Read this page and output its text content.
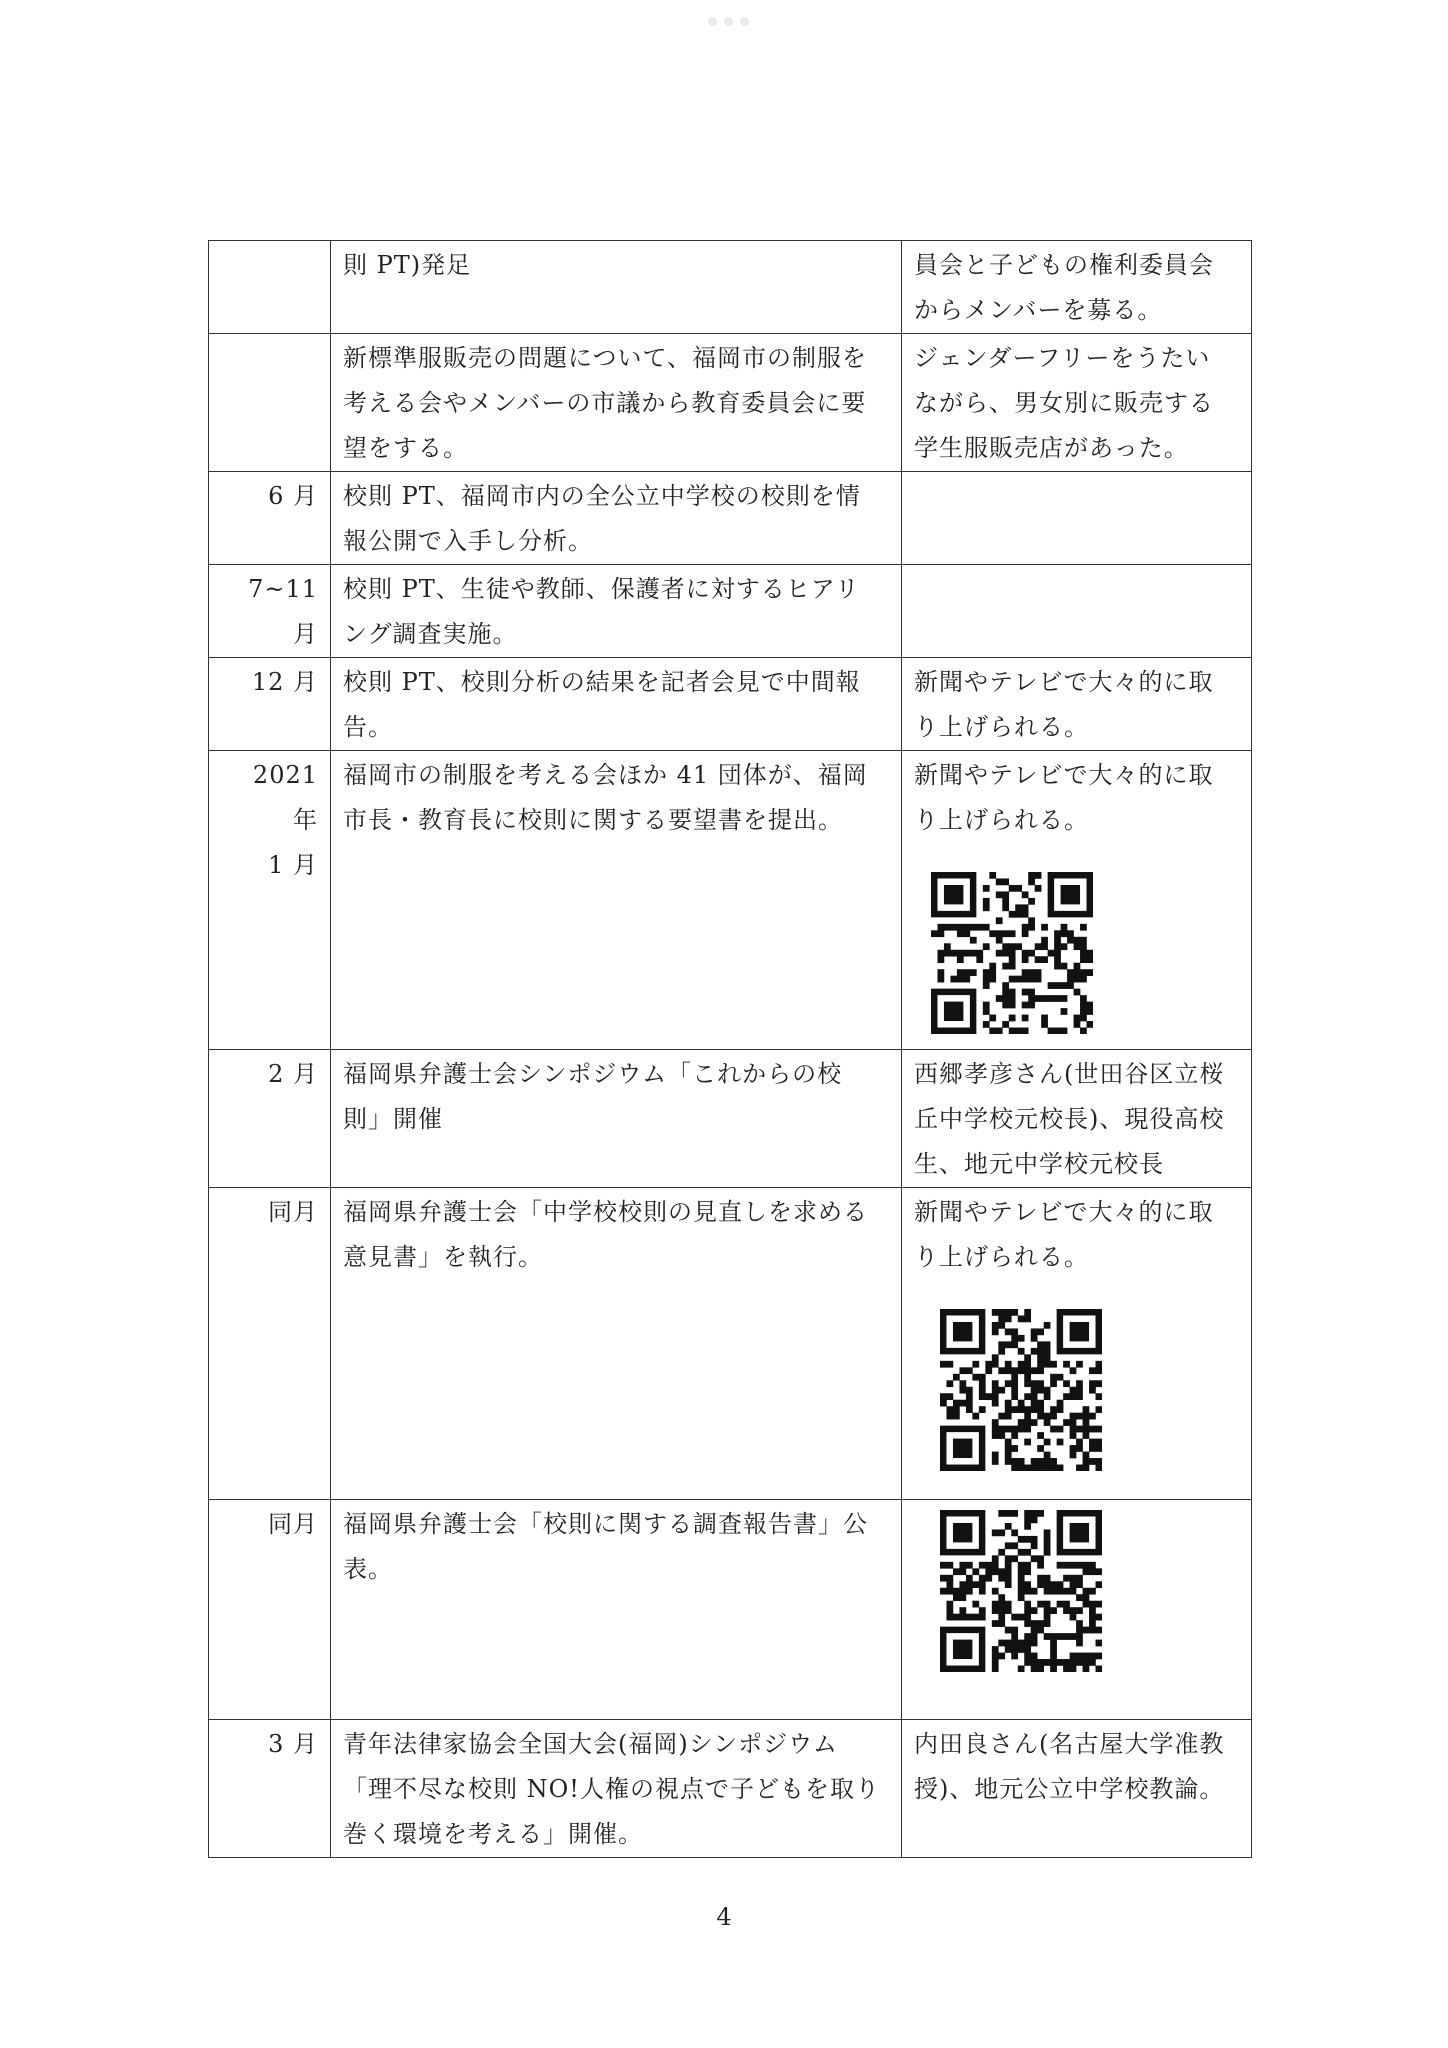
	則 PT)発足	員会と子どもの権利委員会
からメンバーを募る。

	新標準服販売の問題について、福岡市の制服を
考える会やメンバーの市議から教育委員会に要
望をする。	ジェンダーフリーをうたい
ながら、男女別に販売する
学生服販売店があった。

6 月	校則 PT、福岡市内の全公立中学校の校則を情
報公開で入手し分析。	

7~11 月	校則 PT、生徒や教師、保護者に対するヒアリ
ング調査実施。	

12 月	校則 PT、校則分析の結果を記者会見で中間報
告。	新聞やテレビで大々的に取
り上げられる。

2021 年
1 月	福岡市の制服を考える会ほか 41 団体が、福岡
市長・教育長に校則に関する要望書を提出。	新聞やテレビで大々的に取
り上げられる。

2 月	福岡県弁護士会シンポジウム「これからの校
則」開催	西郷孝彦さん(世田谷区立桜
丘中学校元校長)、現役高校
生、地元中学校元校長

同月	福岡県弁護士会「中学校校則の見直しを求める
意見書」を執行。	新聞やテレビで大々的に取
り上げられる。

同月	福岡県弁護士会「校則に関する調査報告書」公
表。

3 月	青年法律家協会全国大会(福岡)シンポジウム
「理不尽な校則 NO!人権の視点で子どもを取り
巻く環境を考える」開催。	内田良さん(名古屋大学准教
授)、地元公立中学校教論。
4
